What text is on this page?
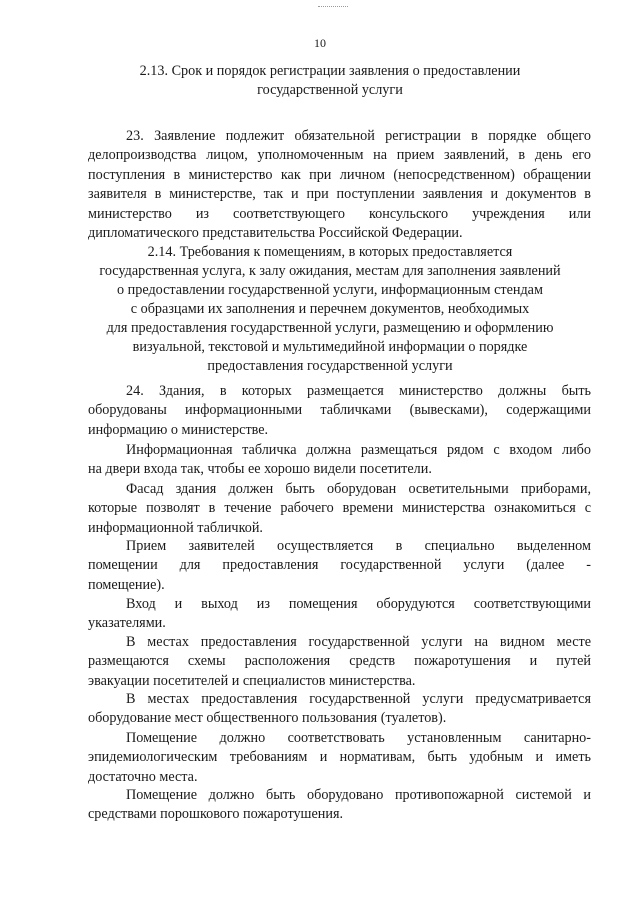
10
2.13. Срок и порядок регистрации заявления о предоставлении
государственной услуги
23. Заявление подлежит обязательной регистрации в порядке общего
делопроизводства лицом, уполномоченным на прием заявлений, в день его
поступления в министерство как при личном (непосредственном) обращении
заявителя в министерстве, так и при поступлении заявления и документов в
министерство из соответствующего консульского учреждения или
дипломатического представительства Российской Федерации.
2.14. Требования к помещениям, в которых предоставляется
государственная услуга, к залу ожидания, местам для заполнения заявлений
о предоставлении государственной услуги, информационным стендам
с образцами их заполнения и перечнем документов, необходимых
для предоставления государственной услуги, размещению и оформлению
визуальной, текстовой и мультимедийной информации о порядке
предоставления государственной услуги
24. Здания, в которых размещается министерство должны быть
оборудованы информационными табличками (вывесками), содержащими
информацию о министерстве.
Информационная табличка должна размещаться рядом с входом либо
на двери входа так, чтобы ее хорошо видели посетители.
Фасад здания должен быть оборудован осветительными приборами,
которые позволят в течение рабочего времени министерства ознакомиться с
информационной табличкой.
Прием заявителей осуществляется в специально выделенном
помещении для предоставления государственной услуги (далее -
помещение).
Вход и выход из помещения оборудуются соответствующими
указателями.
В местах предоставления государственной услуги на видном месте
размещаются схемы расположения средств пожаротушения и путей
эвакуации посетителей и специалистов министерства.
В местах предоставления государственной услуги предусматривается
оборудование мест общественного пользования (туалетов).
Помещение должно соответствовать установленным санитарно-
эпидемиологическим требованиям и нормативам, быть удобным и иметь
достаточно места.
Помещение должно быть оборудовано противопожарной системой и
средствами порошкового пожаротушения.
